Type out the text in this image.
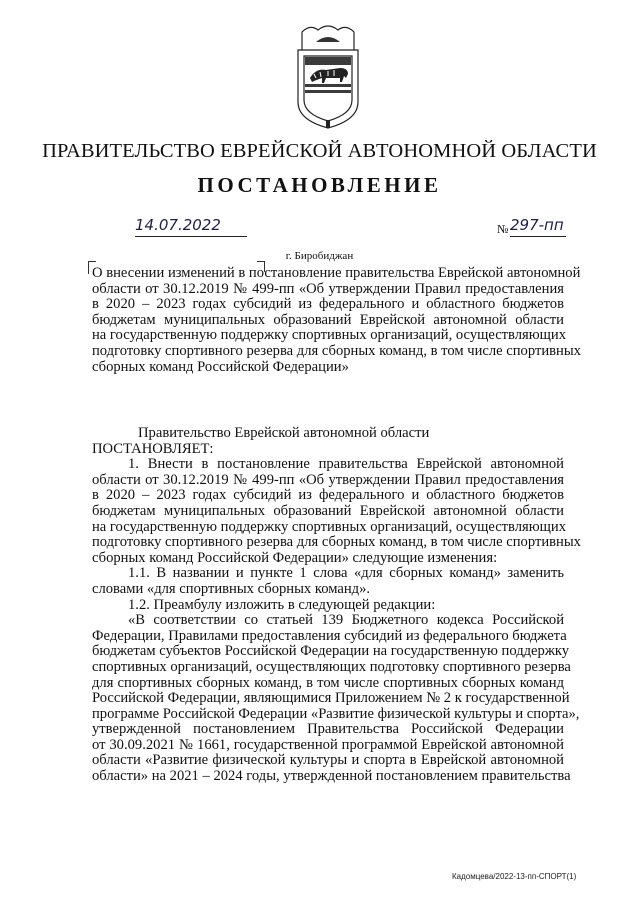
ПРАВИТЕЛЬСТВО ЕВРЕЙСКОЙ АВТОНОМНОЙ ОБЛАСТИ
ПОСТАНОВЛЕНИЕ
14.07.2022	№ 297-пп
г. Биробиджан
О внесении изменений в постановление правительства Еврейской автономной
области от 30.12.2019 № 499-пп «Об утверждении Правил предоставления
в 2020 – 2023 годах субсидий из федерального и областного бюджетов
бюджетам муниципальных образований Еврейской автономной области
на государственную поддержку спортивных организаций, осуществляющих
подготовку спортивного резерва для сборных команд, в том числе спортивных
сборных команд Российской Федерации»
Правительство Еврейской автономной области
ПОСТАНОВЛЯЕТ:
1. Внести в постановление правительства Еврейской автономной
области от 30.12.2019 № 499-пп «Об утверждении Правил предоставления
в 2020 – 2023 годах субсидий из федерального и областного бюджетов
бюджетам муниципальных образований Еврейской автономной области
на государственную поддержку спортивных организаций, осуществляющих
подготовку спортивного резерва для сборных команд, в том числе спортивных
сборных команд Российской Федерации» следующие изменения:
1.1. В названии и пункте 1 слова «для сборных команд» заменить
словами «для спортивных сборных команд».
1.2. Преамбулу изложить в следующей редакции:
«В соответствии со статьей 139 Бюджетного кодекса Российской
Федерации, Правилами предоставления субсидий из федерального бюджета
бюджетам субъектов Российской Федерации на государственную поддержку
спортивных организаций, осуществляющих подготовку спортивного резерва
для спортивных сборных команд, в том числе спортивных сборных команд
Российской Федерации, являющимися Приложением № 2 к государственной
программе Российской Федерации «Развитие физической культуры и спорта»,
утвержденной постановлением Правительства Российской Федерации
от 30.09.2021 № 1661, государственной программой Еврейской автономной
области «Развитие физической культуры и спорта в Еврейской автономной
области» на 2021 – 2024 годы, утвержденной постановлением правительства
Кадомцева/2022-13-пп-СПОРТ(1)
